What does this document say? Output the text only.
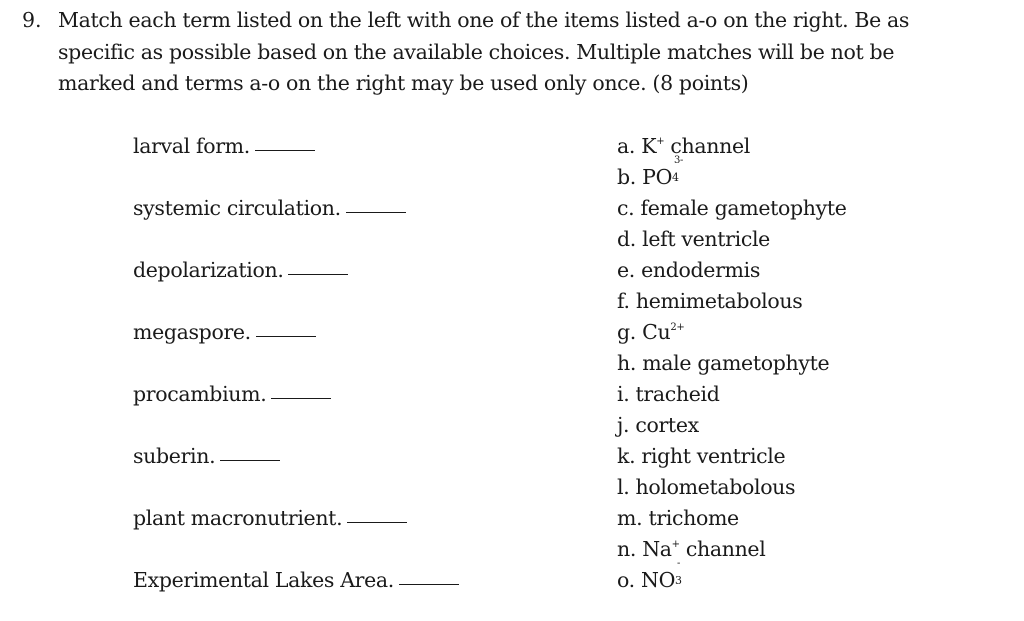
9. Match each term listed on the left with one of the items listed a-o on the right. Be as
specific as possible based on the available choices. Multiple matches will be not be
marked and terms a-o on the right may be used only once. (8 points)
larval form.
systemic circulation.
depolarization.
megaspore.
procambium.
suberin.
plant macronutrient.
Experimental Lakes Area.
a. K+ channel
b. PO
3-
4
c. female gametophyte
d. left ventricle
e. endodermis
f. hemimetabolous
g. $Cu^{2+}$
h. male gametophyte
i. tracheid
j. cortex
k. right ventricle
l. holometabolous
m. trichome
n. Na+ channel
o. NO
-
3
